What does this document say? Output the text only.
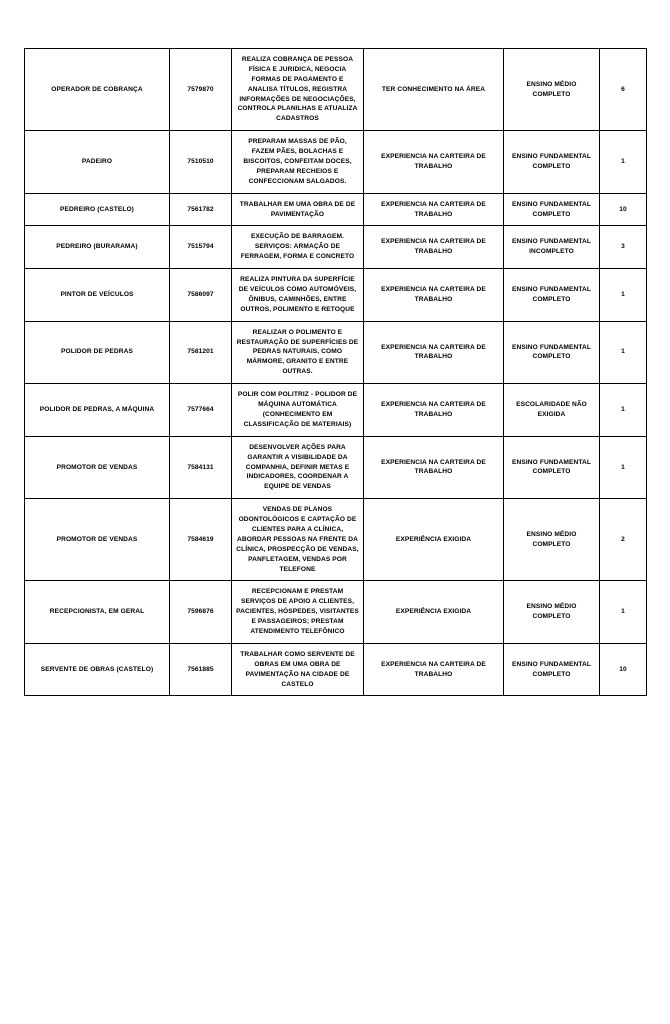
OPERADOR DE COBRANÇA	7579870	REALIZA COBRANÇA DE PESSOA FÍSICA E JURIDICA, NEGOCIA FORMAS DE PAGAMENTO E ANALISA TÍTULOS, REGISTRA INFORMAÇÕES DE NEGOCIAÇÕES, CONTROLA PLANILHAS E ATUALIZA CADASTROS	TER CONHECIMENTO NA ÁREA	ENSINO MÉDIO COMPLETO	6
PADEIRO	7510510	PREPARAM MASSAS DE PÃO, FAZEM PÃES, BOLACHAS E BISCOITOS, CONFEITAM DOCES, PREPARAM RECHEIOS E CONFECCIONAM SALGADOS.	EXPERIENCIA NA CARTEIRA DE TRABALHO	ENSINO FUNDAMENTAL COMPLETO	1
PEDREIRO (CASTELO)	7561782	TRABALHAR EM UMA OBRA DE DE PAVIMENTAÇÃO	EXPERIENCIA NA CARTEIRA DE TRABALHO	ENSINO FUNDAMENTAL COMPLETO	10
PEDREIRO (BURARAMA)	7515794	EXECUÇÃO DE BARRAGEM. SERVIÇOS: ARMAÇÃO DE FERRAGEM, FORMA E CONCRETO	EXPERIENCIA NA CARTEIRA DE TRABALHO	ENSINO FUNDAMENTAL INCOMPLETO	3
PINTOR DE VEÍCULOS	7586097	REALIZA PINTURA DA SUPERFÍCIE DE VEÍCULOS COMO AUTOMÓVEIS, ÔNIBUS, CAMINHÕES, ENTRE OUTROS, POLIMENTO E RETOQUE	EXPERIENCIA NA CARTEIRA DE TRABALHO	ENSINO FUNDAMENTAL COMPLETO	1
POLIDOR DE PEDRAS	7581201	REALIZAR O POLIMENTO E RESTAURAÇÃO DE SUPERFÍCIES DE PEDRAS NATURAIS, COMO MÁRMORE, GRANITO E ENTRE OUTRAS.	EXPERIENCIA NA CARTEIRA DE TRABALHO	ENSINO FUNDAMENTAL COMPLETO	1
POLIDOR DE PEDRAS, A MÁQUINA	7577664	POLIR COM POLITRIZ - POLIDOR DE MÁQUINA AUTOMÁTICA (CONHECIMENTO EM CLASSIFICAÇÃO DE MATERIAIS)	EXPERIENCIA NA CARTEIRA DE TRABALHO	ESCOLARIDADE NÃO EXIGIDA	1
PROMOTOR DE VENDAS	7584131	DESENVOLVER AÇÕES PARA GARANTIR A VISIBILIDADE DA COMPANHIA, DEFINIR METAS E INDICADORES, COORDENAR A EQUIPE DE VENDAS	EXPERIENCIA NA CARTEIRA DE TRABALHO	ENSINO FUNDAMENTAL COMPLETO	1
PROMOTOR DE VENDAS	7584619	VENDAS DE PLANOS ODONTOLÓGICOS E CAPTAÇÃO DE CLIENTES PARA A CLÍNICA, ABORDAR PESSOAS NA FRENTE DA CLÍNICA, PROSPECÇÃO DE VENDAS, PANFLETAGEM, VENDAS POR TELEFONE	EXPERIÊNCIA EXIGIDA	ENSINO MÉDIO COMPLETO	2
RECEPCIONISTA, EM GERAL	7596876	RECEPCIONAM E PRESTAM SERVIÇOS DE APOIO A CLIENTES, PACIENTES, HÓSPEDES, VISITANTES E PASSAGEIROS; PRESTAM ATENDIMENTO TELEFÔNICO	EXPERIÊNCIA EXIGIDA	ENSINO MÉDIO COMPLETO	1
SERVENTE DE OBRAS (CASTELO)	7561885	TRABALHAR COMO SERVENTE DE OBRAS EM UMA OBRA DE PAVIMENTAÇÃO NA CIDADE DE CASTELO	EXPERIENCIA NA CARTEIRA DE TRABALHO	ENSINO FUNDAMENTAL COMPLETO	10
